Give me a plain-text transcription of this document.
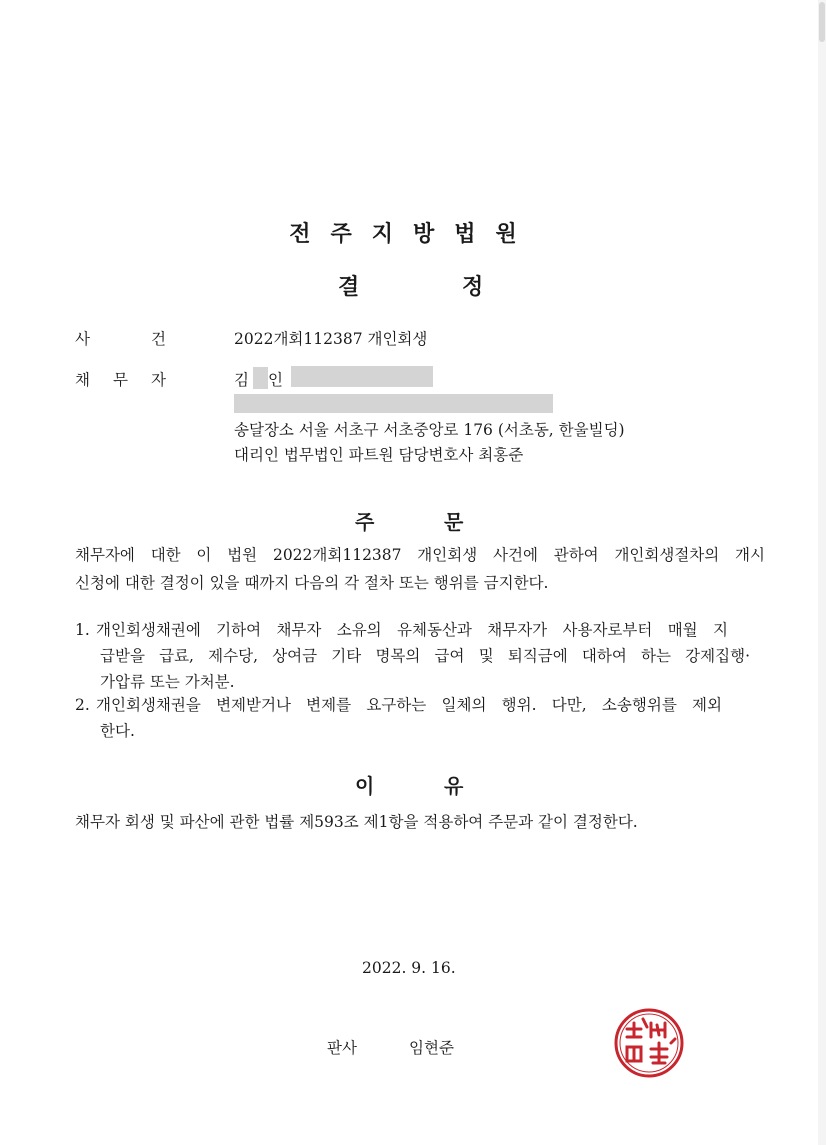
전주지방법원
결	정
사	건	2022개회112387 개인회생
채 무 자	김 인
송달장소 서울 서초구 서초중앙로 176 (서초동, 한울빌딩)
대리인 법무법인 파트원 담당변호사 최홍준
주	문
채무자에 대한 이 법원 2022개회112387 개인회생 사건에 관하여 개인회생절차의 개시
신청에 대한 결정이 있을 때까지 다음의 각 절차 또는 행위를 금지한다.
1. 개인회생채권에 기하여 채무자 소유의 유체동산과 채무자가 사용자로부터 매월 지
급받을 급료, 제수당, 상여금 기타 명목의 급여 및 퇴직금에 대하여 하는 강제집행·
가압류 또는 가처분.
2. 개인회생채권을 변제받거나 변제를 요구하는 일체의 행위. 다만, 소송행위를 제외
한다.
이	유
채무자 회생 및 파산에 관한 법률 제593조 제1항을 적용하여 주문과 같이 결정한다.
2022. 9. 16.
판사	임현준
